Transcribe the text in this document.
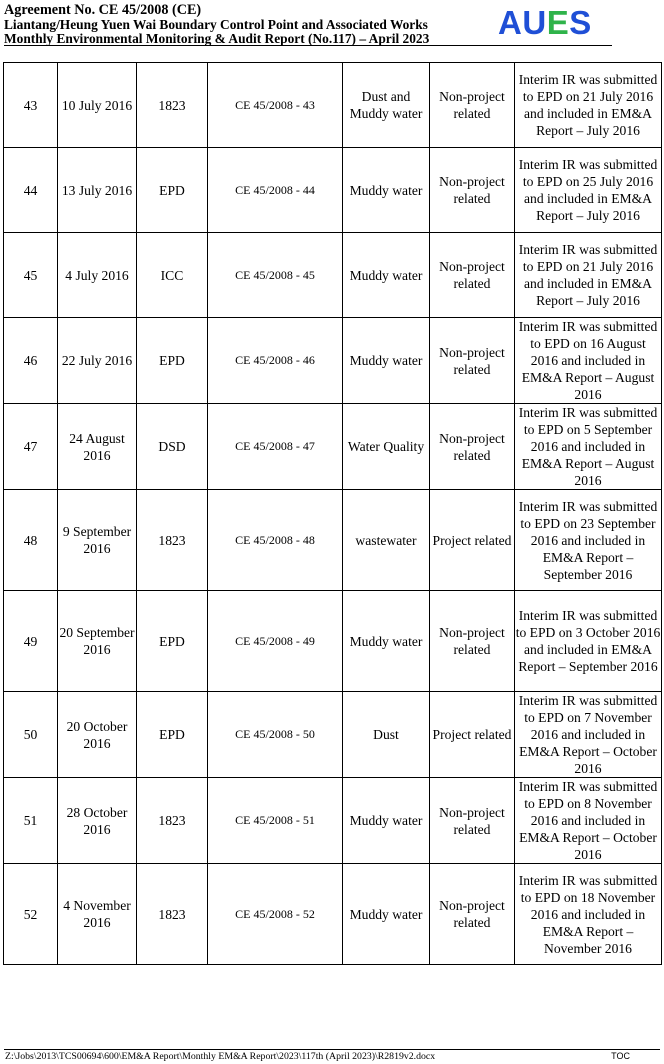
Agreement No. CE 45/2008 (CE)
Liantang/Heung Yuen Wai Boundary Control Point and Associated Works
Monthly Environmental Monitoring & Audit Report (No.117) – April 2023	AUES
43	10 July 2016	1823	CE 45/2008 - 43	Dust and Muddy water	Non-project related	Interim IR was submitted to EPD on 21 July 2016 and included in EM&A Report – July 2016
44	13 July 2016	EPD	CE 45/2008 - 44	Muddy water	Non-project related	Interim IR was submitted to EPD on 25 July 2016 and included in EM&A Report – July 2016
45	4 July 2016	ICC	CE 45/2008 - 45	Muddy water	Non-project related	Interim IR was submitted to EPD on 21 July 2016 and included in EM&A Report – July 2016
46	22 July 2016	EPD	CE 45/2008 - 46	Muddy water	Non-project related	Interim IR was submitted to EPD on 16 August 2016 and included in EM&A Report – August 2016
47	24 August 2016	DSD	CE 45/2008 - 47	Water Quality	Non-project related	Interim IR was submitted to EPD on 5 September 2016 and included in EM&A Report – August 2016
48	9 September 2016	1823	CE 45/2008 - 48	wastewater	Project related	Interim IR was submitted to EPD on 23 September 2016 and included in EM&A Report – September 2016
49	20 September 2016	EPD	CE 45/2008 - 49	Muddy water	Non-project related	Interim IR was submitted to EPD on 3 October 2016 and included in EM&A Report – September 2016
50	20 October 2016	EPD	CE 45/2008 - 50	Dust	Project related	Interim IR was submitted to EPD on 7 November 2016 and included in EM&A Report – October 2016
51	28 October 2016	1823	CE 45/2008 - 51	Muddy water	Non-project related	Interim IR was submitted to EPD on 8 November 2016 and included in EM&A Report – October 2016
52	4 November 2016	1823	CE 45/2008 - 52	Muddy water	Non-project related	Interim IR was submitted to EPD on 18 November 2016 and included in EM&A Report – November 2016
Z:\Jobs\2013\TCS00694\600\EM&A Report\Monthly EM&A Report\2023\117th (April 2023)\R2819v2.docx	TOC
